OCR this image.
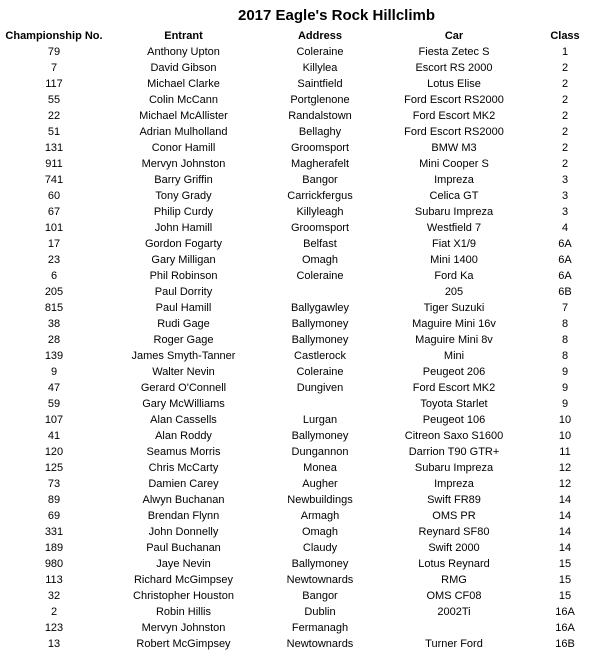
2017 Eagle's Rock Hillclimb
Championship No.	Entrant	Address	Car	Class
79	Anthony Upton	Coleraine	Fiesta Zetec S	1
7	David Gibson	Killylea	Escort RS 2000	2
117	Michael Clarke	Saintfield	Lotus Elise	2
55	Colin McCann	Portglenone	Ford Escort RS2000	2
22	Michael McAllister	Randalstown	Ford Escort MK2	2
51	Adrian Mulholland	Bellaghy	Ford Escort RS2000	2
131	Conor Hamill	Groomsport	BMW M3	2
911	Mervyn Johnston	Magherafelt	Mini Cooper S	2
741	Barry Griffin	Bangor	Impreza	3
60	Tony Grady	Carrickfergus	Celica GT	3
67	Philip Curdy	Killyleagh	Subaru Impreza	3
101	John Hamill	Groomsport	Westfield 7	4
17	Gordon Fogarty	Belfast	Fiat X1/9	6A
23	Gary Milligan	Omagh	Mini 1400	6A
6	Phil Robinson	Coleraine	Ford Ka	6A
205	Paul Dorrity		205	6B
815	Paul Hamill	Ballygawley	Tiger Suzuki	7
38	Rudi Gage	Ballymoney	Maguire Mini 16v	8
28	Roger Gage	Ballymoney	Maguire Mini 8v	8
139	James Smyth-Tanner	Castlerock	Mini	8
9	Walter Nevin	Coleraine	Peugeot 206	9
47	Gerard O'Connell	Dungiven	Ford Escort MK2	9
59	Gary McWilliams		Toyota Starlet	9
107	Alan Cassells	Lurgan	Peugeot 106	10
41	Alan Roddy	Ballymoney	Citreon Saxo S1600	10
120	Seamus Morris	Dungannon	Darrion T90 GTR+	11
125	Chris McCarty	Monea	Subaru Impreza	12
73	Damien Carey	Augher	Impreza	12
89	Alwyn Buchanan	Newbuildings	Swift FR89	14
69	Brendan Flynn	Armagh	OMS PR	14
331	John Donnelly	Omagh	Reynard SF80	14
189	Paul Buchanan	Claudy	Swift 2000	14
980	Jaye Nevin	Ballymoney	Lotus Reynard	15
113	Richard McGimpsey	Newtownards	RMG	15
32	Christopher Houston	Bangor	OMS CF08	15
2	Robin Hillis	Dublin	2002Ti	16A
123	Mervyn Johnston	Fermanagh		16A
13	Robert McGimpsey	Newtownards	Turner Ford	16B
